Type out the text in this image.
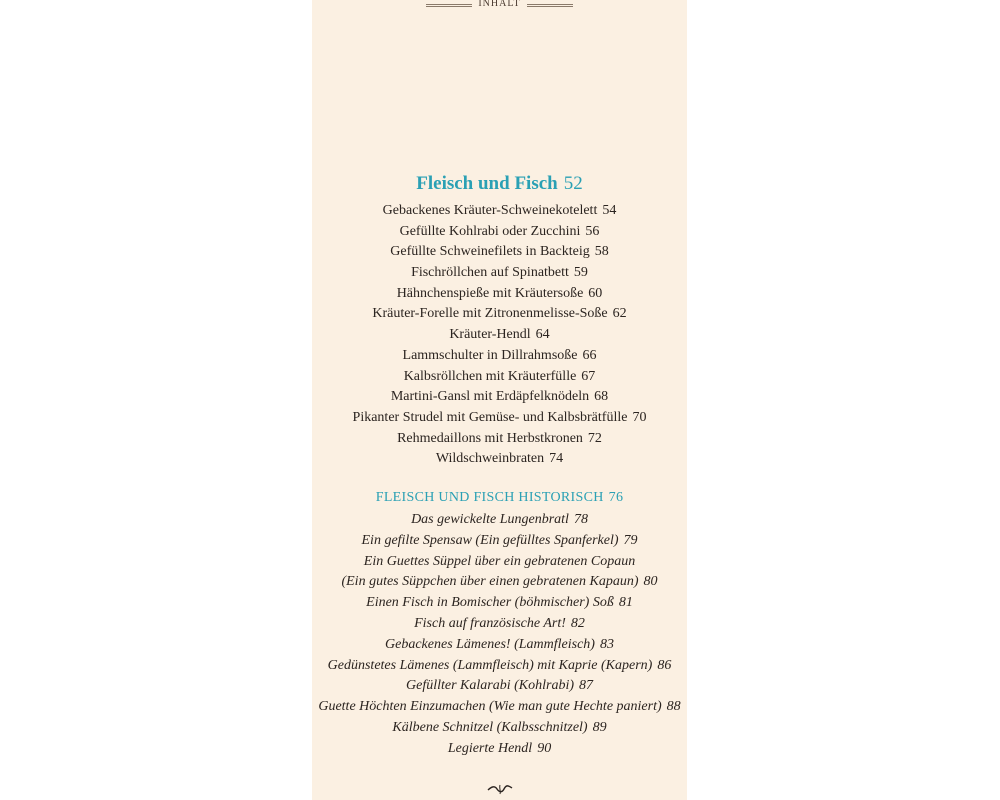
INHALT
Fleisch und Fisch 52
Gebackenes Kräuter-Schweinekotelett 54
Gefüllte Kohlrabi oder Zucchini 56
Gefüllte Schweinefilets in Backteig 58
Fischröllchen auf Spinatbett 59
Hähnchenspieße mit Kräutersoße 60
Kräuter-Forelle mit Zitronenmelisse-Soße 62
Kräuter-Hendl 64
Lammschulter in Dillrahmsoße 66
Kalbsröllchen mit Kräuterfülle 67
Martini-Gansl mit Erdäpfelknödeln 68
Pikanter Strudel mit Gemüse- und Kalbsbrätfülle 70
Rehmedaillons mit Herbstkronen 72
Wildschweinbraten 74
FLEISCH UND FISCH HISTORISCH 76
Das gewickelte Lungenbratl 78
Ein gefilte Spensaw (Ein gefülltes Spanferkel) 79
Ein Guettes Süppel über ein gebratenen Copaun
(Ein gutes Süppchen über einen gebratenen Kapaun) 80
Einen Fisch in Bomischer (böhmischer) Soß 81
Fisch auf französische Art! 82
Gebackenes Lämenes! (Lammfleisch) 83
Gedünstetes Lämenes (Lammfleisch) mit Kaprie (Kapern) 86
Gefüllter Kalarabi (Kohlrabi) 87
Guette Höchten Einzumachen (Wie man gute Hechte paniert) 88
Kälbene Schnitzel (Kalbsschnitzel) 89
Legierte Hendl 90
